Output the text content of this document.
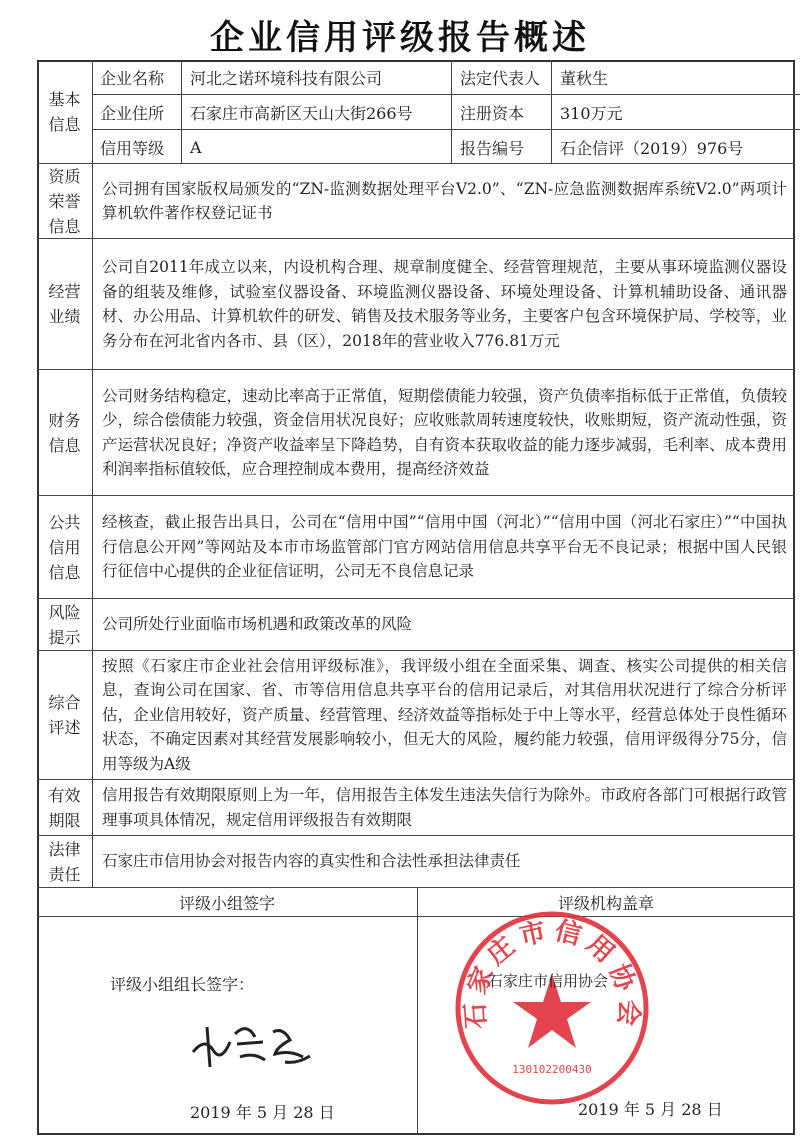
企业信用评级报告概述
基本
信息
企业名称	河北之诺环境科技有限公司	法定代表人	董秋生
企业住所	石家庄市高新区天山大街266号	注册资本	310万元
信用等级	A	报告编号	石企信评（2019）976号
资质
荣誉
信息
公司拥有国家版权局颁发的“ZN-监测数据处理平台V2.0”、“ZN-应急监测数据库系统V2.0”两项计算机软件著作权登记证书
经营
业绩
公司自2011年成立以来，内设机构合理、规章制度健全、经营管理规范，主要从事环境监测仪器设备的组装及维修，试验室仪器设备、环境监测仪器设备、环境处理设备、计算机辅助设备、通讯器材、办公用品、计算机软件的研发、销售及技术服务等业务，主要客户包含环境保护局、学校等，业务分布在河北省内各市、县（区），2018年的营业收入776.81万元
财务
信息
公司财务结构稳定，速动比率高于正常值，短期偿债能力较强，资产负债率指标低于正常值，负债较少，综合偿债能力较强，资金信用状况良好；应收账款周转速度较快，收账期短，资产流动性强，资产运营状况良好；净资产收益率呈下降趋势，自有资本获取收益的能力逐步减弱，毛利率、成本费用利润率指标值较低，应合理控制成本费用，提高经济效益
公共
信用
信息
经核查，截止报告出具日，公司在“信用中国”“信用中国（河北）”“信用中国（河北石家庄）”“中国执行信息公开网”等网站及本市市场监管部门官方网站信用信息共享平台无不良记录；根据中国人民银行征信中心提供的企业征信证明，公司无不良信息记录
风险
提示
公司所处行业面临市场机遇和政策改革的风险
综合
评述
按照《石家庄市企业社会信用评级标准》，我评级小组在全面采集、调查、核实公司提供的相关信息，查询公司在国家、省、市等信用信息共享平台的信用记录后，对其信用状况进行了综合分析评估，企业信用较好，资产质量、经营管理、经济效益等指标处于中上等水平，经营总体处于良性循环状态，不确定因素对其经营发展影响较小，但无大的风险，履约能力较强，信用评级得分75分，信用等级为A级
有效
期限
信用报告有效期限原则上为一年，信用报告主体发生违法失信行为除外。市政府各部门可根据行政管理事项具体情况，规定信用评级报告有效期限
法律
责任
石家庄市信用协会对报告内容的真实性和合法性承担法律责任
评级小组签字	评级机构盖章
评级小组组长签字：
2019 年 5 月 28 日	2019 年 5 月 28 日
石家庄市信用协会
130102200430
石家庄市信用协会
